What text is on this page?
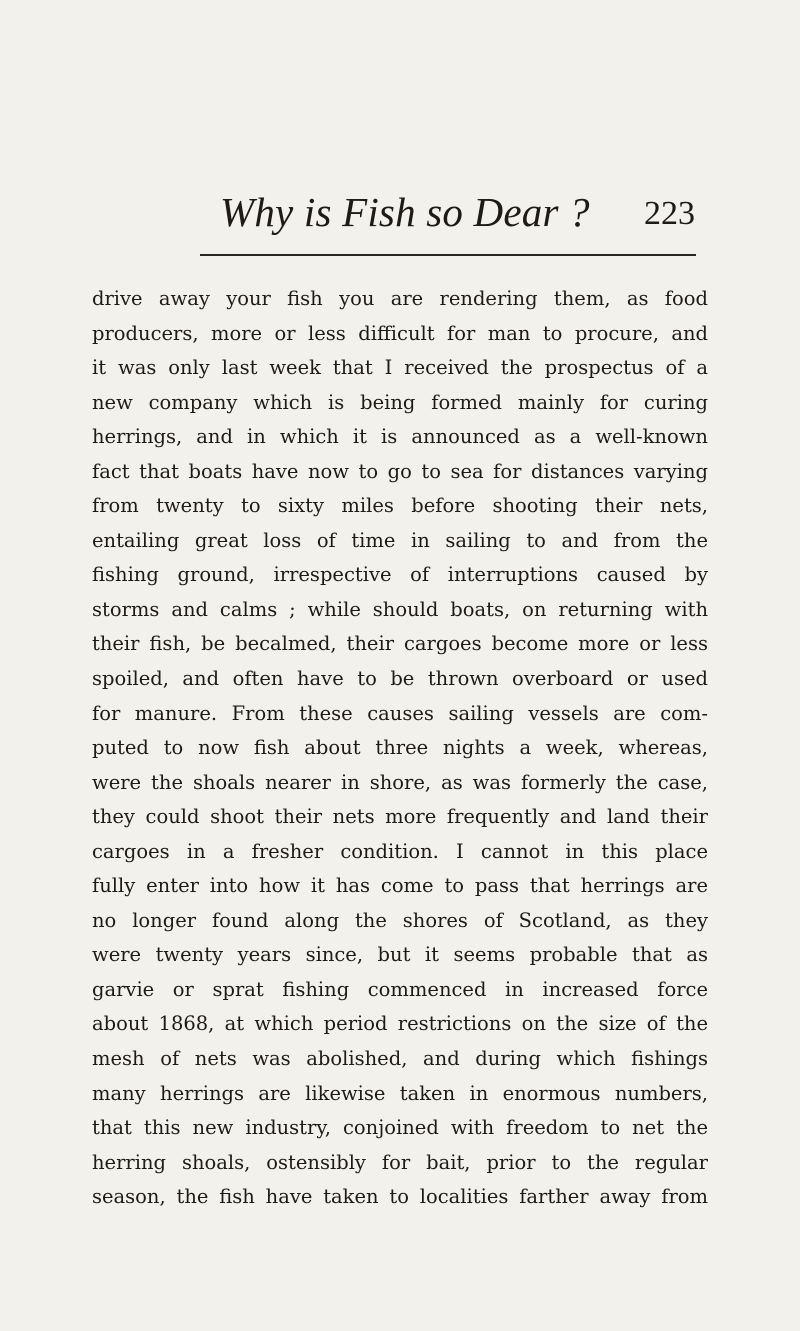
Why is Fish so Dear ? 223
drive away your fish you are rendering them, as food
producers, more or less difficult for man to procure, and
it was only last week that I received the prospectus of a
new company which is being formed mainly for curing
herrings, and in which it is announced as a well-known
fact that boats have now to go to sea for distances varying
from twenty to sixty miles before shooting their nets,
entailing great loss of time in sailing to and from the
fishing ground, irrespective of interruptions caused by
storms and calms ; while should boats, on returning with
their fish, be becalmed, their cargoes become more or less
spoiled, and often have to be thrown overboard or used
for manure. From these causes sailing vessels are com-
puted to now fish about three nights a week, whereas,
were the shoals nearer in shore, as was formerly the case,
they could shoot their nets more frequently and land their
cargoes in a fresher condition. I cannot in this place
fully enter into how it has come to pass that herrings are
no longer found along the shores of Scotland, as they
were twenty years since, but it seems probable that as
garvie or sprat fishing commenced in increased force
about 1868, at which period restrictions on the size of the
mesh of nets was abolished, and during which fishings
many herrings are likewise taken in enormous numbers,
that this new industry, conjoined with freedom to net the
herring shoals, ostensibly for bait, prior to the regular
season, the fish have taken to localities farther away from
